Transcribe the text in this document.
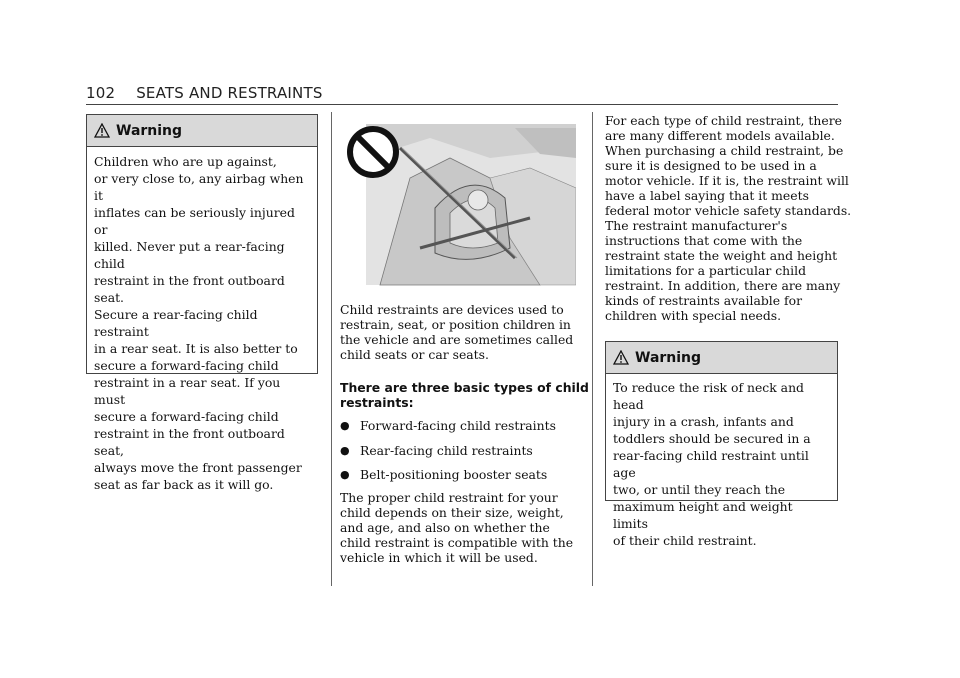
102 SEATS AND RESTRAINTS
Warning
Children who are up against,
or very close to, any airbag when it
inflates can be seriously injured or
killed. Never put a rear-facing child
restraint in the front outboard seat.
Secure a rear-facing child restraint
in a rear seat. It is also better to
secure a forward-facing child
restraint in a rear seat. If you must
secure a forward-facing child
restraint in the front outboard seat,
always move the front passenger
seat as far back as it will go.
Child restraints are devices used to
restrain, seat, or position children in
the vehicle and are sometimes called
child seats or car seats.
There are three basic types of child
restraints:
● Forward-facing child restraints
● Rear-facing child restraints
● Belt-positioning booster seats
The proper child restraint for your
child depends on their size, weight,
and age, and also on whether the
child restraint is compatible with the
vehicle in which it will be used.
For each type of child restraint, there
are many different models available.
When purchasing a child restraint, be
sure it is designed to be used in a
motor vehicle. If it is, the restraint will
have a label saying that it meets
federal motor vehicle safety standards.
The restraint manufacturer's
instructions that come with the
restraint state the weight and height
limitations for a particular child
restraint. In addition, there are many
kinds of restraints available for
children with special needs.
Warning
To reduce the risk of neck and head
injury in a crash, infants and
toddlers should be secured in a
rear-facing child restraint until age
two, or until they reach the
maximum height and weight limits
of their child restraint.
